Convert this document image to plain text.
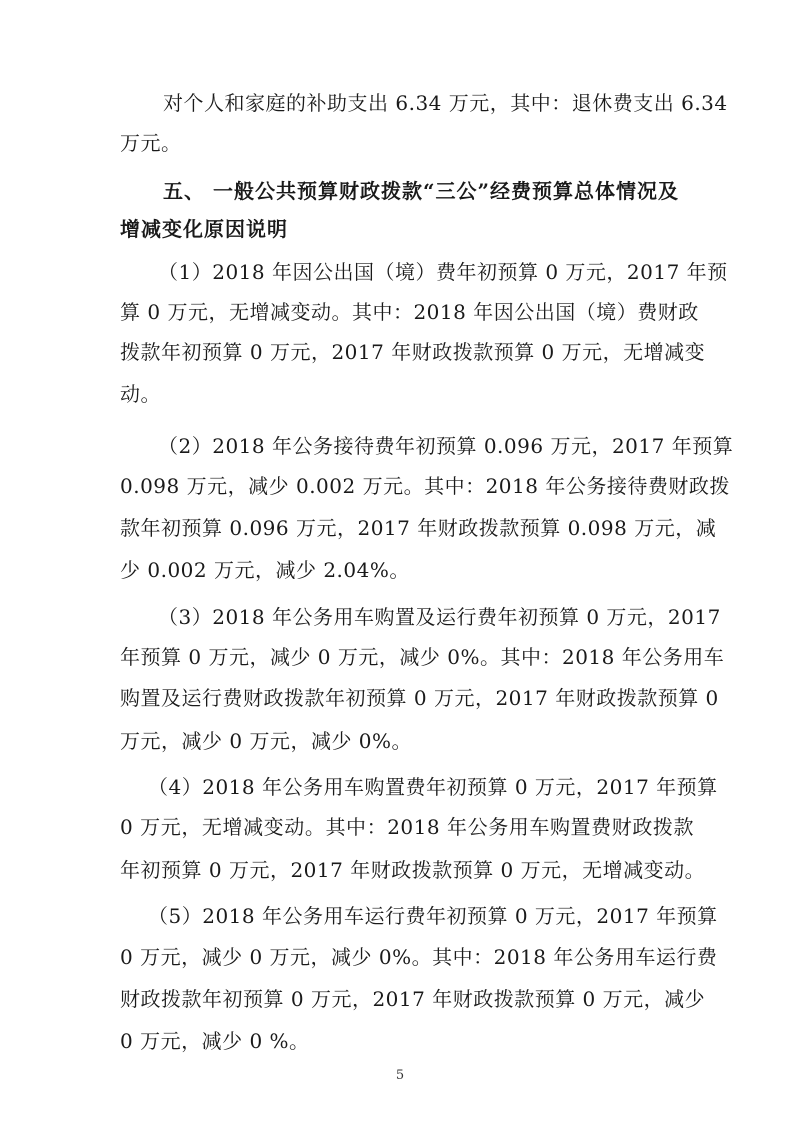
对个人和家庭的补助支出 6.34 万元，其中：退休费支出 6.34
万元。
五、 一般公共预算财政拨款“三公”经费预算总体情况及
增减变化原因说明
（1）2018 年因公出国（境）费年初预算 0 万元，2017 年预
算 0 万元，无增减变动。其中：2018 年因公出国（境）费财政
拨款年初预算 0 万元，2017 年财政拨款预算 0 万元，无增减变
动。
（2）2018 年公务接待费年初预算 0.096 万元，2017 年预算
0.098 万元，减少 0.002 万元。其中：2018 年公务接待费财政拨
款年初预算 0.096 万元，2017 年财政拨款预算 0.098 万元，减
少 0.002 万元，减少 2.04%。
（3）2018 年公务用车购置及运行费年初预算 0 万元，2017
年预算 0 万元，减少 0 万元，减少 0%。其中：2018 年公务用车
购置及运行费财政拨款年初预算 0 万元，2017 年财政拨款预算 0
万元，减少 0 万元，减少 0%。
（4）2018 年公务用车购置费年初预算 0 万元，2017 年预算
0 万元，无增减变动。其中：2018 年公务用车购置费财政拨款
年初预算 0 万元，2017 年财政拨款预算 0 万元，无增减变动。
（5）2018 年公务用车运行费年初预算 0 万元，2017 年预算
0 万元，减少 0 万元，减少 0%。其中：2018 年公务用车运行费
财政拨款年初预算 0 万元，2017 年财政拨款预算 0 万元，减少
0 万元，减少 0 %。
5
